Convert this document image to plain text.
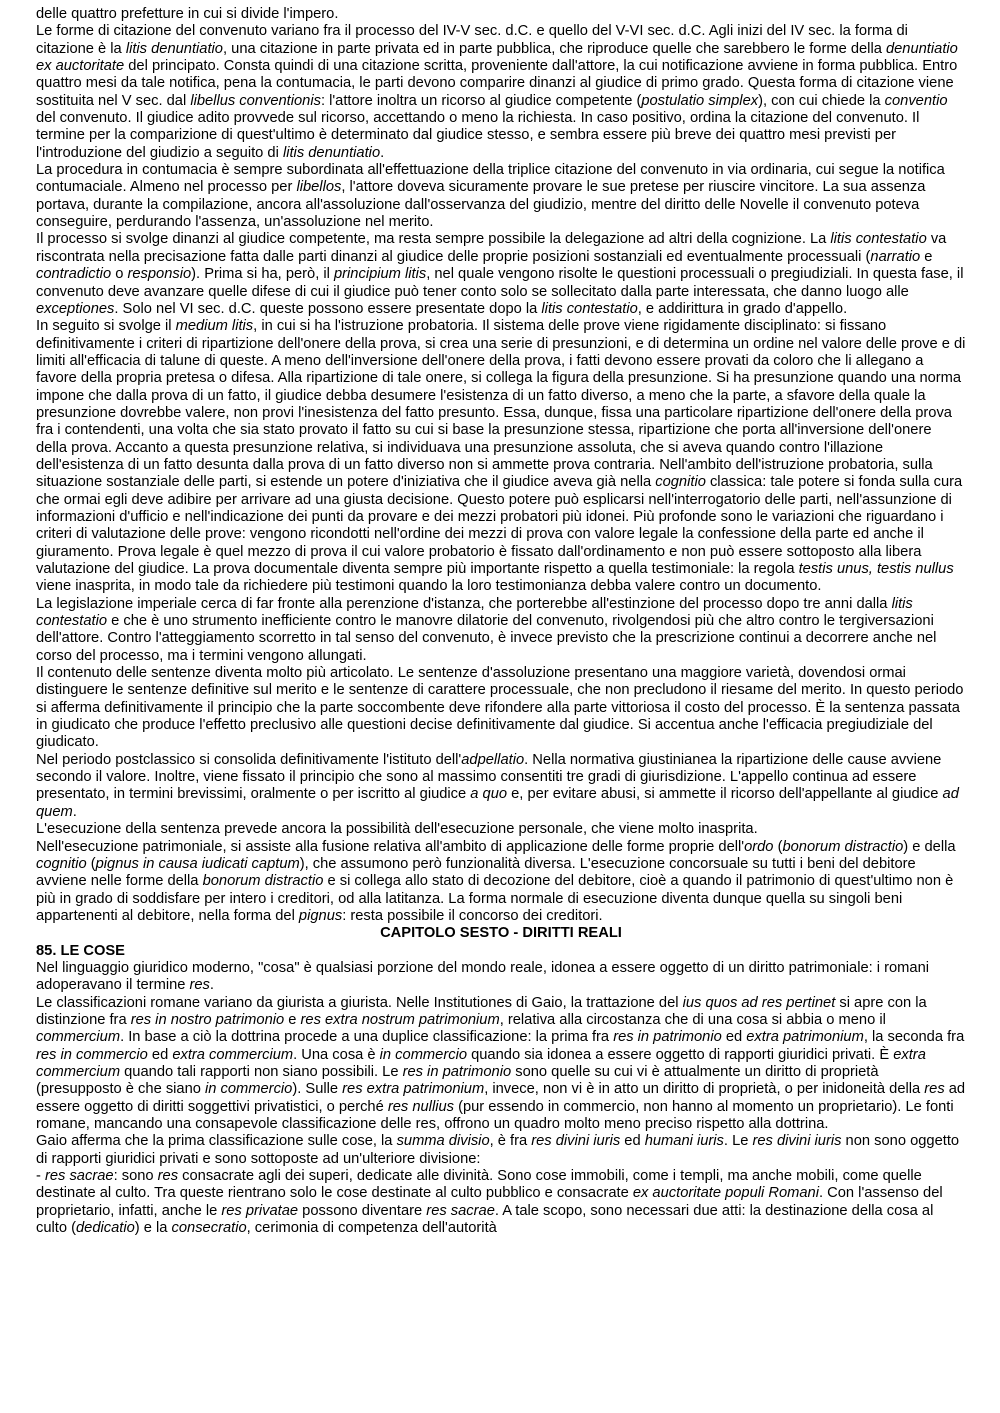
delle quattro prefetture in cui si divide l'impero.

Le forme di citazione del convenuto variano fra il processo del IV-V sec. d.C. e quello del V-VI sec. d.C. Agli inizi del IV sec. la forma di citazione è la litis denuntiatio, una citazione in parte privata ed in parte pubblica, che riproduce quelle che sarebbero le forme della denuntiatio ex auctoritate del principato. Consta quindi di una citazione scritta, proveniente dall'attore, la cui notificazione avviene in forma pubblica. Entro quattro mesi da tale notifica, pena la contumacia, le parti devono comparire dinanzi al giudice di primo grado. Questa forma di citazione viene sostituita nel V sec. dal libellus conventionis: l'attore inoltra un ricorso al giudice competente (postulatio simplex), con cui chiede la conventio del convenuto. Il giudice adito provvede sul ricorso, accettando o meno la richiesta. In caso positivo, ordina la citazione del convenuto. Il termine per la comparizione di quest'ultimo è determinato dal giudice stesso, e sembra essere più breve dei quattro mesi previsti per l'introduzione del giudizio a seguito di litis denuntiatio.

La procedura in contumacia è sempre subordinata all'effettuazione della triplice citazione del convenuto in via ordinaria, cui segue la notifica contumaciale. Almeno nel processo per libellos, l'attore doveva sicuramente provare le sue pretese per riuscire vincitore. La sua assenza portava, durante la compilazione, ancora all'assoluzione dall'osservanza del giudizio, mentre del diritto delle Novelle il convenuto poteva conseguire, perdurando l'assenza, un'assoluzione nel merito.

Il processo si svolge dinanzi al giudice competente, ma resta sempre possibile la delegazione ad altri della cognizione. La litis contestatio va riscontrata nella precisazione fatta dalle parti dinanzi al giudice delle proprie posizioni sostanziali ed eventualmente processuali (narratio e contradictio o responsio). Prima si ha, però, il principium litis, nel quale vengono risolte le questioni processuali o pregiudiziali. In questa fase, il convenuto deve avanzare quelle difese di cui il giudice può tener conto solo se sollecitato dalla parte interessata, che danno luogo alle exceptiones. Solo nel VI sec. d.C. queste possono essere presentate dopo la litis contestatio, e addirittura in grado d'appello.

In seguito si svolge il medium litis, in cui si ha l'istruzione probatoria. Il sistema delle prove viene rigidamente disciplinato: si fissano definitivamente i criteri di ripartizione dell'onere della prova, si crea una serie di presunzioni, e di determina un ordine nel valore delle prove e di limiti all'efficacia di talune di queste. A meno dell'inversione dell'onere della prova, i fatti devono essere provati da coloro che li allegano a favore della propria pretesa o difesa. Alla ripartizione di tale onere, si collega la figura della presunzione. Si ha presunzione quando una norma impone che dalla prova di un fatto, il giudice debba desumere l'esistenza di un fatto diverso, a meno che la parte, a sfavore della quale la presunzione dovrebbe valere, non provi l'inesistenza del fatto presunto. Essa, dunque, fissa una particolare ripartizione dell'onere della prova fra i contendenti, una volta che sia stato provato il fatto su cui si base la presunzione stessa, ripartizione che porta all'inversione dell'onere della prova. Accanto a questa presunzione relativa, si individuava una presunzione assoluta, che si aveva quando contro l'illazione dell'esistenza di un fatto desunta dalla prova di un fatto diverso non si ammette prova contraria. Nell'ambito dell'istruzione probatoria, sulla situazione sostanziale delle parti, si estende un potere d'iniziativa che il giudice aveva già nella cognitio classica: tale potere si fonda sulla cura che ormai egli deve adibire per arrivare ad una giusta decisione. Questo potere può esplicarsi nell'interrogatorio delle parti, nell'assunzione di informazioni d'ufficio e nell'indicazione dei punti da provare e dei mezzi probatori più idonei. Più profonde sono le variazioni che riguardano i criteri di valutazione delle prove: vengono ricondotti nell'ordine dei mezzi di prova con valore legale la confessione della parte ed anche il giuramento. Prova legale è quel mezzo di prova il cui valore probatorio è fissato dall'ordinamento e non può essere sottoposto alla libera valutazione del giudice. La prova documentale diventa sempre più importante rispetto a quella testimoniale: la regola testis unus, testis nullus viene inasprita, in modo tale da richiedere più testimoni quando la loro testimonianza debba valere contro un documento.

La legislazione imperiale cerca di far fronte alla perenzione d'istanza, che porterebbe all'estinzione del processo dopo tre anni dalla litis contestatio e che è uno strumento inefficiente contro le manovre dilatorie del convenuto, rivolgendosi più che altro contro le tergiversazioni dell'attore. Contro l'atteggiamento scorretto in tal senso del convenuto, è invece previsto che la prescrizione continui a decorrere anche nel corso del processo, ma i termini vengono allungati.

Il contenuto delle sentenze diventa molto più articolato. Le sentenze d'assoluzione presentano una maggiore varietà, dovendosi ormai distinguere le sentenze definitive sul merito e le sentenze di carattere processuale, che non precludono il riesame del merito. In questo periodo si afferma definitivamente il principio che la parte soccombente deve rifondere alla parte vittoriosa il costo del processo. È la sentenza passata in giudicato che produce l'effetto preclusivo alle questioni decise definitivamente dal giudice. Si accentua anche l'efficacia pregiudiziale del giudicato.

Nel periodo postclassico si consolida definitivamente l'istituto dell'adpellatio. Nella normativa giustinianea la ripartizione delle cause avviene secondo il valore. Inoltre, viene fissato il principio che sono al massimo consentiti tre gradi di giurisdizione. L'appello continua ad essere presentato, in termini brevissimi, oralmente o per iscritto al giudice a quo e, per evitare abusi, si ammette il ricorso dell'appellante al giudice ad quem.

L'esecuzione della sentenza prevede ancora la possibilità dell'esecuzione personale, che viene molto inasprita.

Nell'esecuzione patrimoniale, si assiste alla fusione relativa all'ambito di applicazione delle forme proprie dell'ordo (bonorum distractio) e della cognitio (pignus in causa iudicati captum), che assumono però funzionalità diversa. L'esecuzione concorsuale su tutti i beni del debitore avviene nelle forme della bonorum distractio e si collega allo stato di decozione del debitore, cioè a quando il patrimonio di quest'ultimo non è più in grado di soddisfare per intero i creditori, od alla latitanza. La forma normale di esecuzione diventa dunque quella su singoli beni appartenenti al debitore, nella forma del pignus: resta possibile il concorso dei creditori.

CAPITOLO SESTO - DIRITTI REALI

85. LE COSE

Nel linguaggio giuridico moderno, "cosa" è qualsiasi porzione del mondo reale, idonea a essere oggetto di un diritto patrimoniale: i romani adoperavano il termine res.

Le classificazioni romane variano da giurista a giurista. Nelle Institutiones di Gaio, la trattazione del ius quos ad res pertinet si apre con la distinzione fra res in nostro patrimonio e res extra nostrum patrimonium, relativa alla circostanza che di una cosa si abbia o meno il commercium. In base a ciò la dottrina procede a una duplice classificazione: la prima fra res in patrimonio ed extra patrimonium, la seconda fra res in commercio ed extra commercium. Una cosa è in commercio quando sia idonea a essere oggetto di rapporti giuridici privati. È extra commercium quando tali rapporti non siano possibili. Le res in patrimonio sono quelle su cui vi è attualmente un diritto di proprietà (presupposto è che siano in commercio). Sulle res extra patrimonium, invece, non vi è in atto un diritto di proprietà, o per inidoneità della res ad essere oggetto di diritti soggettivi privatistici, o perché res nullius (pur essendo in commercio, non hanno al momento un proprietario). Le fonti romane, mancando una consapevole classificazione delle res, offrono un quadro molto meno preciso rispetto alla dottrina.

Gaio afferma che la prima classificazione sulle cose, la summa divisio, è fra res divini iuris ed humani iuris. Le res divini iuris non sono oggetto di rapporti giuridici privati e sono sottoposte ad un'ulteriore divisione:

- res sacrae: sono res consacrate agli dei superi, dedicate alle divinità. Sono cose immobili, come i templi, ma anche mobili, come quelle destinate al culto. Tra queste rientrano solo le cose destinate al culto pubblico e consacrate ex auctoritate populi Romani. Con l'assenso del proprietario, infatti, anche le res privatae possono diventare res sacrae. A tale scopo, sono necessari due atti: la destinazione della cosa al culto (dedicatio) e la consecratio, cerimonia di competenza dell'autorità
